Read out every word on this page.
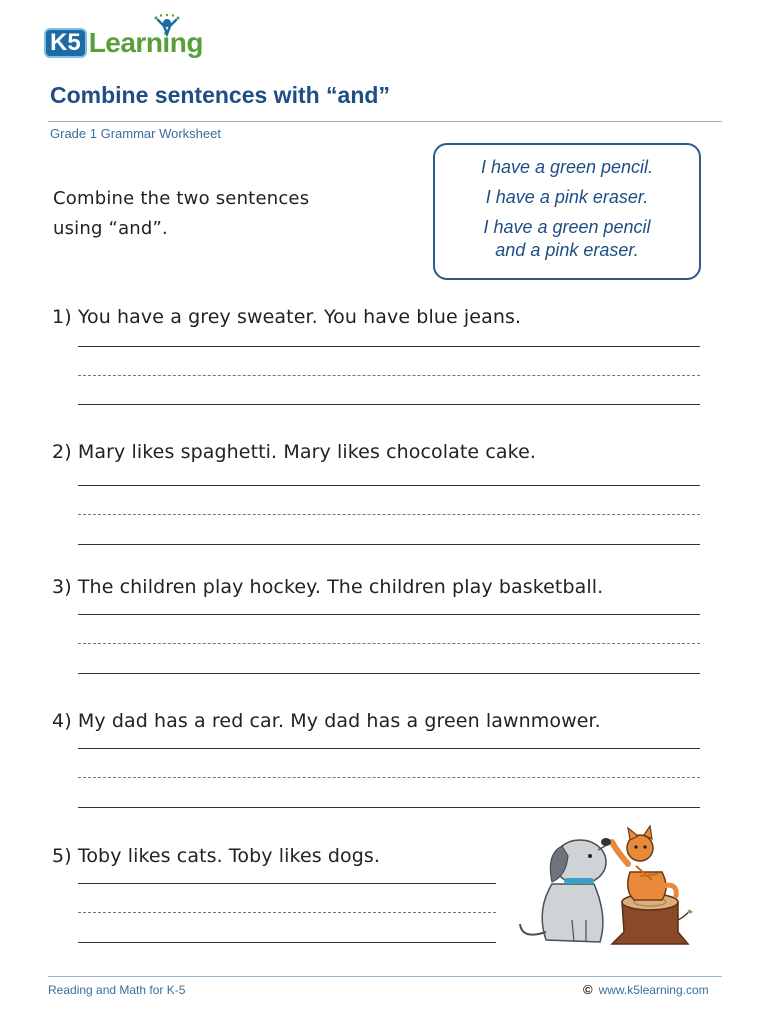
K5 Learning
Combine sentences with “and”
Grade 1 Grammar Worksheet
Combine the two sentences
using “and”.
I have a green pencil.
I have a pink eraser.
I have a green pencil
and a pink eraser.
1) You have a grey sweater. You have blue jeans.
2) Mary likes spaghetti. Mary likes chocolate cake.
3) The children play hockey. The children play basketball.
4) My dad has a red car. My dad has a green lawnmower.
5) Toby likes cats. Toby likes dogs.
Reading and Math for K-5	© www.k5learning.com
